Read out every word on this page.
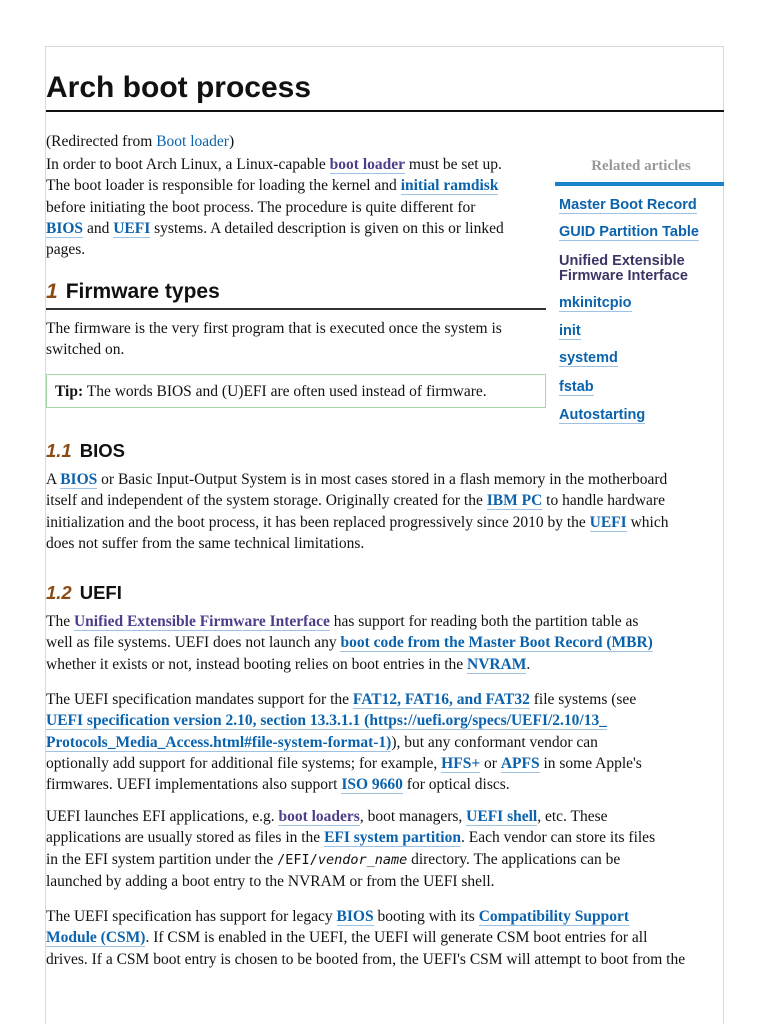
Arch boot process
(Redirected from Boot loader)
In order to boot Arch Linux, a Linux-capable boot loader must be set up.
The boot loader is responsible for loading the kernel and initial ramdisk
before initiating the boot process. The procedure is quite different for
BIOS and UEFI systems. A detailed description is given on this or linked
pages.
Related articles
Master Boot Record
GUID Partition Table
Unified Extensible
Firmware Interface
mkinitcpio
init
systemd
fstab
Autostarting
1 Firmware types
The firmware is the very first program that is executed once the system is
switched on.
Tip: The words BIOS and (U)EFI are often used instead of firmware.
1.1 BIOS
A BIOS or Basic Input-Output System is in most cases stored in a flash memory in the motherboard
itself and independent of the system storage. Originally created for the IBM PC to handle hardware
initialization and the boot process, it has been replaced progressively since 2010 by the UEFI which
does not suffer from the same technical limitations.
1.2 UEFI
The Unified Extensible Firmware Interface has support for reading both the partition table as
well as file systems. UEFI does not launch any boot code from the Master Boot Record (MBR)
whether it exists or not, instead booting relies on boot entries in the NVRAM.
The UEFI specification mandates support for the FAT12, FAT16, and FAT32 file systems (see
UEFI specification version 2.10, section 13.3.1.1 (https://uefi.org/specs/UEFI/2.10/13_
Protocols_Media_Access.html#file-system-format-1)), but any conformant vendor can
optionally add support for additional file systems; for example, HFS+ or APFS in some Apple's
firmwares. UEFI implementations also support ISO 9660 for optical discs.
UEFI launches EFI applications, e.g. boot loaders, boot managers, UEFI shell, etc. These
applications are usually stored as files in the EFI system partition. Each vendor can store its files
in the EFI system partition under the /EFI/vendor_name directory. The applications can be
launched by adding a boot entry to the NVRAM or from the UEFI shell.
The UEFI specification has support for legacy BIOS booting with its Compatibility Support
Module (CSM). If CSM is enabled in the UEFI, the UEFI will generate CSM boot entries for all
drives. If a CSM boot entry is chosen to be booted from, the UEFI's CSM will attempt to boot from the
